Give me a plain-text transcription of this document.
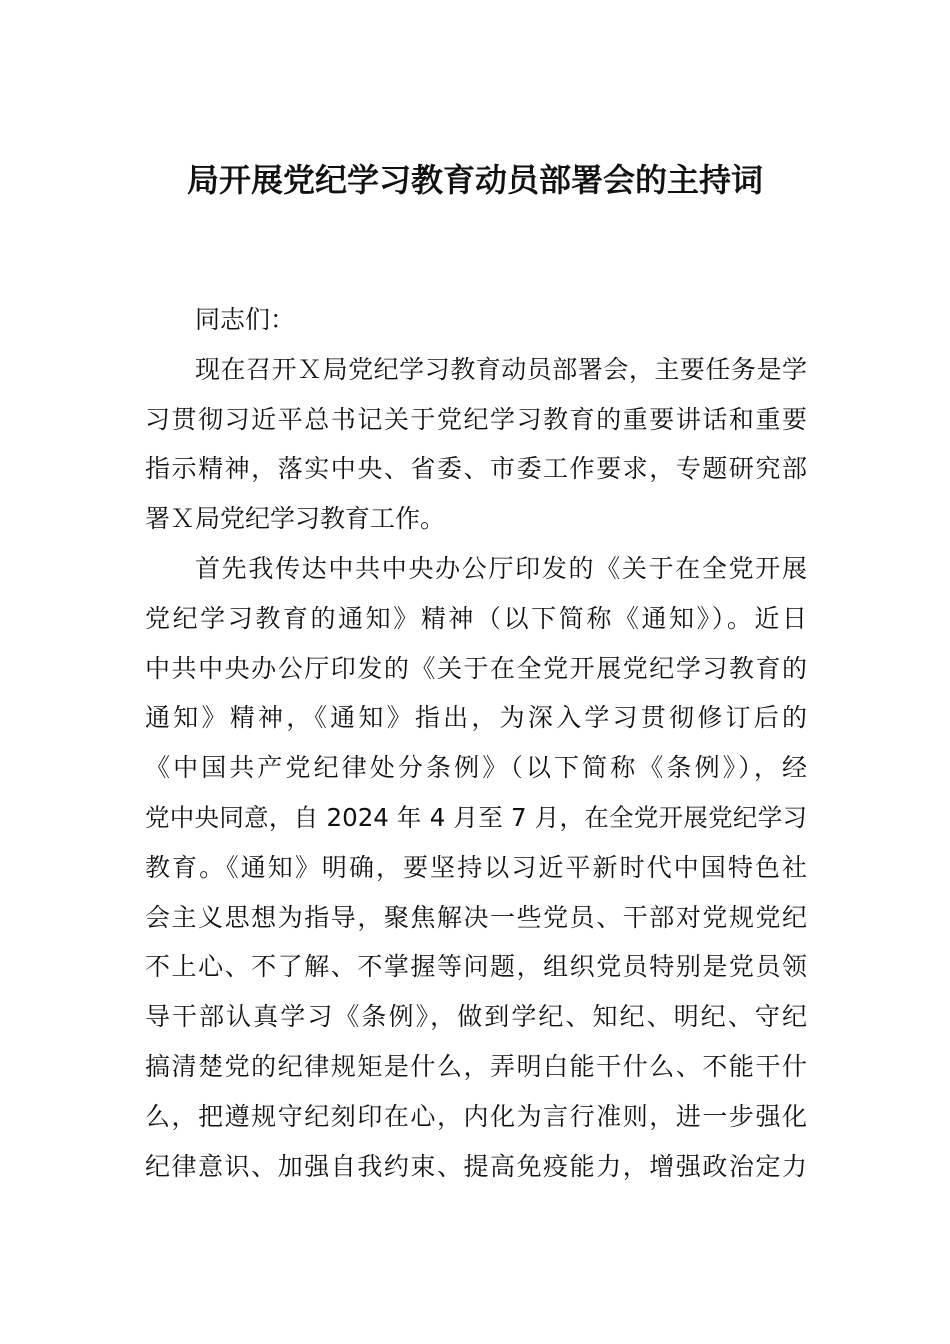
局开展党纪学习教育动员部署会的主持词
同志们：
现在召开Ｘ局党纪学习教育动员部署会，主要任务是学
习贯彻习近平总书记关于党纪学习教育的重要讲话和重要
指示精神，落实中央、省委、市委工作要求，专题研究部
署Ｘ局党纪学习教育工作。
首先我传达中共中央办公厅印发的《关于在全党开展
党纪学习教育的通知》精神（以下简称《通知》）。近日
中共中央办公厅印发的《关于在全党开展党纪学习教育的
通知》精神，《通知》指出，为深入学习贯彻修订后的
《中国共产党纪律处分条例》（以下简称《条例》），经
党中央同意，自 2024 年 4 月至 7 月，在全党开展党纪学习
教育。《通知》明确，要坚持以习近平新时代中国特色社
会主义思想为指导，聚焦解决一些党员、干部对党规党纪
不上心、不了解、不掌握等问题，组织党员特别是党员领
导干部认真学习《条例》，做到学纪、知纪、明纪、守纪
搞清楚党的纪律规矩是什么，弄明白能干什么、不能干什
么，把遵规守纪刻印在心，内化为言行准则，进一步强化
纪律意识、加强自我约束、提高免疫能力，增强政治定力
